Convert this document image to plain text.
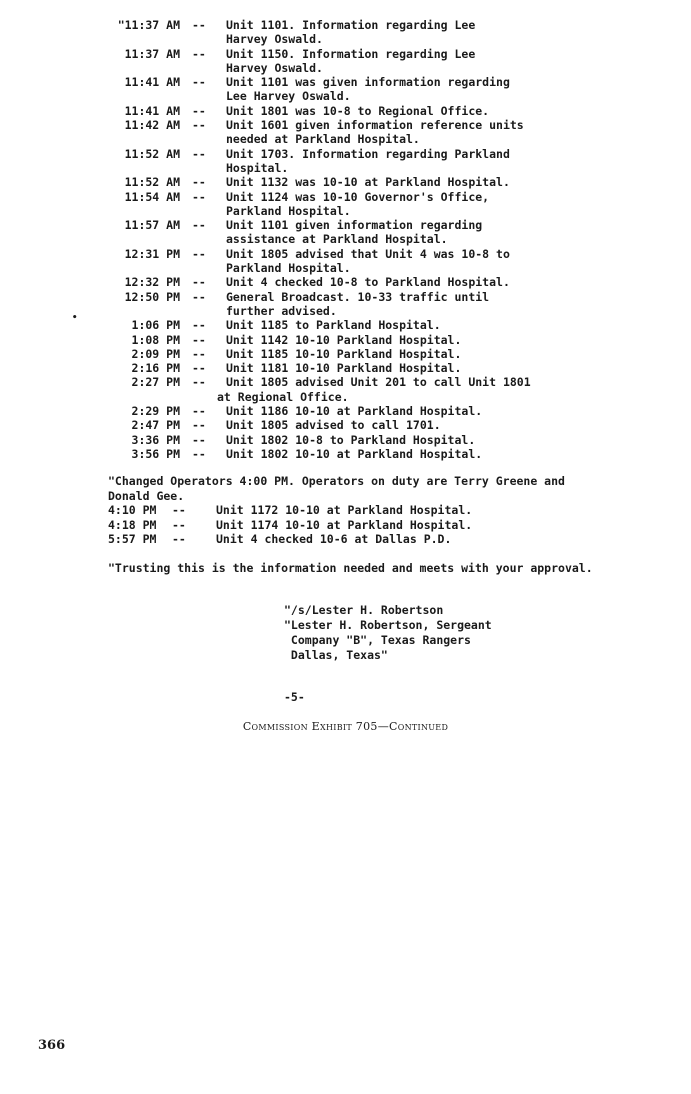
"11:37 AM -- Unit 1101. Information regarding Lee
Harvey Oswald.
11:37 AM -- Unit 1150. Information regarding Lee
Harvey Oswald.
11:41 AM -- Unit 1101 was given information regarding
Lee Harvey Oswald.
11:41 AM -- Unit 1801 was 10-8 to Regional Office.
11:42 AM -- Unit 1601 given information reference units
needed at Parkland Hospital.
11:52 AM -- Unit 1703. Information regarding Parkland
Hospital.
11:52 AM -- Unit 1132 was 10-10 at Parkland Hospital.
11:54 AM -- Unit 1124 was 10-10 Governor's Office,
Parkland Hospital.
11:57 AM -- Unit 1101 given information regarding
assistance at Parkland Hospital.
12:31 PM -- Unit 1805 advised that Unit 4 was 10-8 to
Parkland Hospital.
12:32 PM -- Unit 4 checked 10-8 to Parkland Hospital.
12:50 PM -- General Broadcast. 10-33 traffic until
further advised.
1:06 PM -- Unit 1185 to Parkland Hospital.
1:08 PM -- Unit 1142 10-10 Parkland Hospital.
2:09 PM -- Unit 1185 10-10 Parkland Hospital.
2:16 PM -- Unit 1181 10-10 Parkland Hospital.
2:27 PM -- Unit 1805 advised Unit 201 to call Unit 1801
at Regional Office.
2:29 PM -- Unit 1186 10-10 at Parkland Hospital.
2:47 PM -- Unit 1805 advised to call 1701.
3:36 PM -- Unit 1802 10-8 to Parkland Hospital.
3:56 PM -- Unit 1802 10-10 at Parkland Hospital.
•
"Changed Operators 4:00 PM. Operators on duty are Terry Greene and Donald Gee.
4:10 PM --	Unit 1172 10-10 at Parkland Hospital.
4:18 PM --	Unit 1174 10-10 at Parkland Hospital.
5:57 PM --	Unit 4 checked 10-6 at Dallas P.D.
"Trusting this is the information needed and meets with your approval.
"/s/Lester H. Robertson
"Lester H. Robertson, Sergeant
Company "B", Texas Rangers
Dallas, Texas"
-5-
Commission Exhibit 705—Continued
366
